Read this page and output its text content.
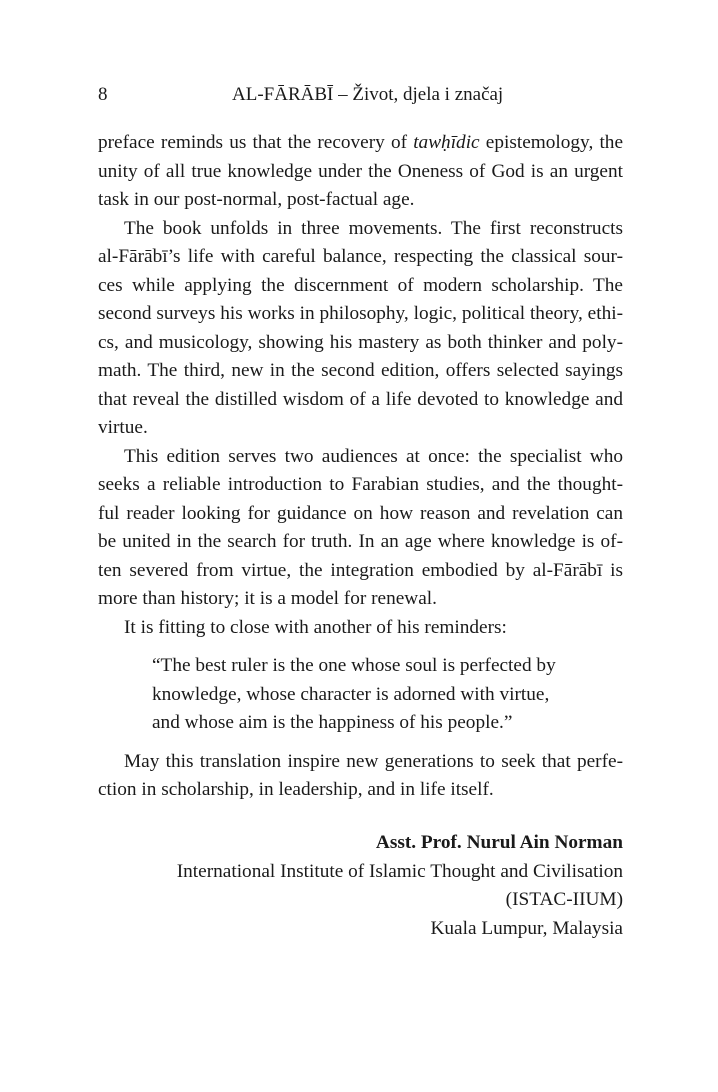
8	AL-FĀRĀBĪ – Život, djela i značaj
preface reminds us that the recovery of tawḥīdic epistemology, the
unity of all true knowledge under the Oneness of God is an urgent
task in our post-normal, post-factual age.
The book unfolds in three movements. The first reconstructs
al-Fārābī’s life with careful balance, respecting the classical sour-
ces while applying the discernment of modern scholarship. The
second surveys his works in philosophy, logic, political theory, ethi-
cs, and musicology, showing his mastery as both thinker and poly-
math. The third, new in the second edition, offers selected sayings
that reveal the distilled wisdom of a life devoted to knowledge and
virtue.
This edition serves two audiences at once: the specialist who
seeks a reliable introduction to Farabian studies, and the thought-
ful reader looking for guidance on how reason and revelation can
be united in the search for truth. In an age where knowledge is of-
ten severed from virtue, the integration embodied by al-Fārābī is
more than history; it is a model for renewal.
It is fitting to close with another of his reminders:
“The best ruler is the one whose soul is perfected by
knowledge, whose character is adorned with virtue,
and whose aim is the happiness of his people.”
May this translation inspire new generations to seek that perfe-
ction in scholarship, in leadership, and in life itself.
Asst. Prof. Nurul Ain Norman
International Institute of Islamic Thought and Civilisation
(ISTAC-IIUM)
Kuala Lumpur, Malaysia
